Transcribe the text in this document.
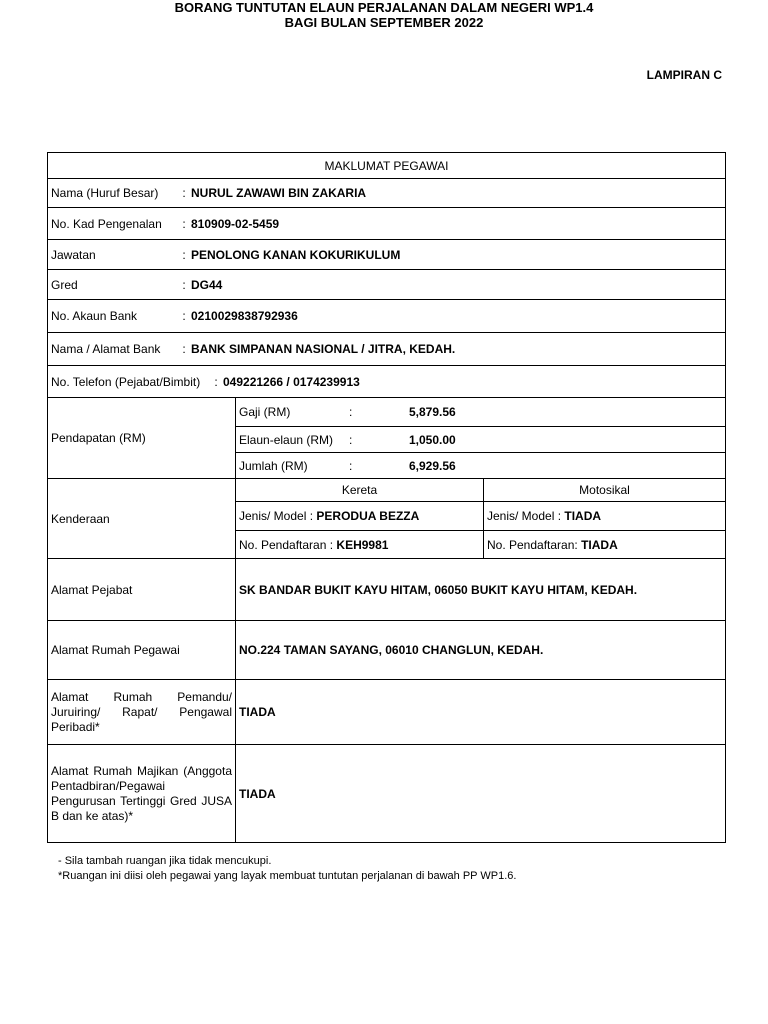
LAMPIRAN C
BORANG TUNTUTAN ELAUN PERJALANAN DALAM NEGERI WP1.4
BAGI BULAN SEPTEMBER 2022
MAKLUMAT PEGAWAI		

Nama (Huruf Besar) : NURUL ZAWAWI BIN ZAKARIA		

No. Kad Pengenalan : 810909-02-5459		

Jawatan : PENOLONG KANAN KOKURIKULUM		

Gred : DG44		

No. Akaun Bank : 0210029838792936		

Nama / Alamat Bank : BANK SIMPANAN NASIONAL / JITRA, KEDAH.		

No. Telefon (Pejabat/Bimbit) : 049221266 / 0174239913		

Pendapatan (RM)	Gaji (RM) : 5,879.56	
	Elaun-elaun (RM) : 1,050.00	
	Jumlah (RM) : 6,929.56	
Kenderaan	Kereta	Motosikal
	Jenis/ Model : PERODUA BEZZA	Jenis/ Model : TIADA
	No. Pendaftaran : KEH9981	No. Pendaftaran: TIADA
Alamat Pejabat	SK BANDAR BUKIT KAYU HITAM, 06050 BUKIT KAYU HITAM, KEDAH.	
Alamat Rumah Pegawai	NO.224 TAMAN SAYANG, 06010 CHANGLUN, KEDAH.	
Alamat Rumah Pemandu/ Juruiring/ Rapat/ Pengawal Peribadi*	TIADA	
Alamat Rumah Majikan (Anggota Pentadbiran/Pegawai Pengurusan Tertinggi Gred JUSA B dan ke atas)*	TIADA	
- Sila tambah ruangan jika tidak mencukupi.
*Ruangan ini diisi oleh pegawai yang layak membuat tuntutan perjalanan di bawah PP WP1.6.
